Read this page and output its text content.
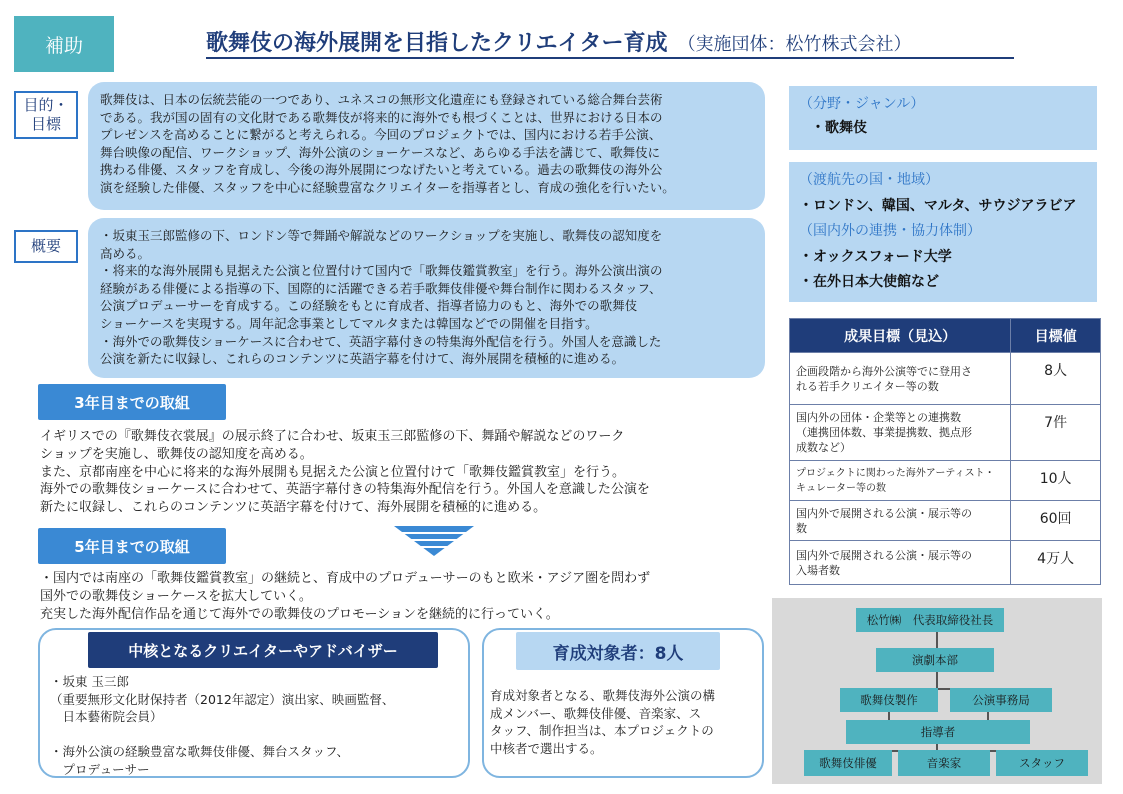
補助	歌舞伎の海外展開を目指したクリエイター育成 （実施団体：松竹株式会社）
目的・
目標
歌舞伎は、日本の伝統芸能の一つであり、ユネスコの無形文化遺産にも登録されている総合舞台芸術
である。我が国の固有の文化財である歌舞伎が将来的に海外でも根づくことは、世界における日本の
プレゼンスを高めることに繋がると考えられる。今回のプロジェクトでは、国内における若手公演、
舞台映像の配信、ワークショップ、海外公演のショーケースなど、あらゆる手法を講じて、歌舞伎に
携わる俳優、スタッフを育成し、今後の海外展開につなげたいと考えている。過去の歌舞伎の海外公
演を経験した俳優、スタッフを中心に経験豊富なクリエイターを指導者とし、育成の強化を行いたい。
概要
・坂東玉三郎監修の下、ロンドン等で舞踊や解説などのワークショップを実施し、歌舞伎の認知度を
高める。
・将来的な海外展開も見据えた公演と位置付けて国内で「歌舞伎鑑賞教室」を行う。海外公演出演の
経験がある俳優による指導の下、国際的に活躍できる若手歌舞伎俳優や舞台制作に関わるスタッフ、
公演プロデューサーを育成する。この経験をもとに育成者、指導者協力のもと、海外での歌舞伎
ショーケースを実現する。周年記念事業としてマルタまたは韓国などでの開催を目指す。
・海外での歌舞伎ショーケースに合わせて、英語字幕付きの特集海外配信を行う。外国人を意識した
公演を新たに収録し、これらのコンテンツに英語字幕を付けて、海外展開を積極的に進める。
3年目までの取組
イギリスでの『歌舞伎衣裳展』の展示終了に合わせ、坂東玉三郎監修の下、舞踊や解説などのワーク
ショップを実施し、歌舞伎の認知度を高める。
また、京都南座を中心に将来的な海外展開も見据えた公演と位置付けて「歌舞伎鑑賞教室」を行う。
海外での歌舞伎ショーケースに合わせて、英語字幕付きの特集海外配信を行う。外国人を意識した公演を
新たに収録し、これらのコンテンツに英語字幕を付けて、海外展開を積極的に進める。
5年目までの取組
・国内では南座の「歌舞伎鑑賞教室」の継続と、育成中のプロデューサーのもと欧米・アジア圏を問わず
国外での歌舞伎ショーケースを拡大していく。
充実した海外配信作品を通じて海外での歌舞伎のプロモーションを継続的に行っていく。
中核となるクリエイターやアドバイザー
・坂東 玉三郎
（重要無形文化財保持者（2012年認定）演出家、映画監督、
　日本藝術院会員）
・海外公演の経験豊富な歌舞伎俳優、舞台スタッフ、
　プロデューサー
育成対象者：8人
育成対象者となる、歌舞伎海外公演の構
成メンバー、歌舞伎俳優、音楽家、ス
タッフ、制作担当は、本プロジェクトの
中核者で選出する。
（分野・ジャンル）
・歌舞伎
（渡航先の国・地域）
・ロンドン、韓国、マルタ、サウジアラビア
（国内外の連携・協力体制）
・オックスフォード大学
・在外日本大使館など
成果目標（見込）	目標値

企画段階から海外公演等でに登用さ
れる若手クリエイター等の数	8人

国内外の団体・企業等との連携数
（連携団体数、事業提携数、拠点形
成数など）	7件

プロジェクトに関わった海外アーティスト・
キュレーター等の数	10人

国内外で展開される公演・展示等の
数	60回

国内外で展開される公演・展示等の
入場者数	4万人
松竹㈱　代表取締役社長
演劇本部
歌舞伎製作	公演事務局
指導者
歌舞伎俳優	音楽家	スタッフ
